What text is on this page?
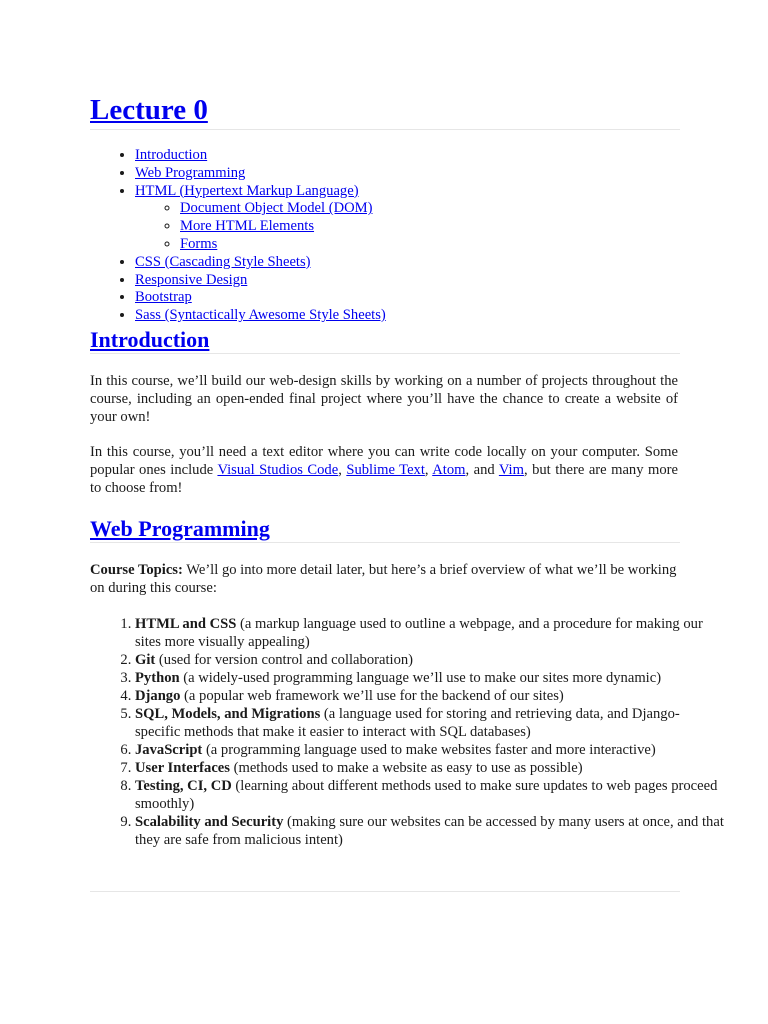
Lecture 0
• Introduction
• Web Programming
• HTML (Hypertext Markup Language)
◦ Document Object Model (DOM)
◦ More HTML Elements
◦ Forms
• CSS (Cascading Style Sheets)
• Responsive Design
• Bootstrap
• Sass (Syntactically Awesome Style Sheets)
Introduction

In this course, we’ll build our web-design skills by working on a number of projects throughout the course, including an open-ended final project where you’ll have the chance to create a website of your own!

In this course, you’ll need a text editor where you can write code locally on your computer. Some popular ones include Visual Studios Code, Sublime Text, Atom, and Vim, but there are many more to choose from!

Web Programming

Course Topics: We’ll go into more detail later, but here’s a brief overview of what we’ll be working on during this course:

1. HTML and CSS (a markup language used to outline a webpage, and a procedure for making our sites more visually appealing)
2. Git (used for version control and collaboration)
3. Python (a widely-used programming language we’ll use to make our sites more dynamic)
4. Django (a popular web framework we’ll use for the backend of our sites)
5. SQL, Models, and Migrations (a language used for storing and retrieving data, and Django-specific methods that make it easier to interact with SQL databases)
6. JavaScript (a programming language used to make websites faster and more interactive)
7. User Interfaces (methods used to make a website as easy to use as possible)
8. Testing, CI, CD (learning about different methods used to make sure updates to web pages proceed smoothly)
9. Scalability and Security (making sure our websites can be accessed by many users at once, and that they are safe from malicious intent)
